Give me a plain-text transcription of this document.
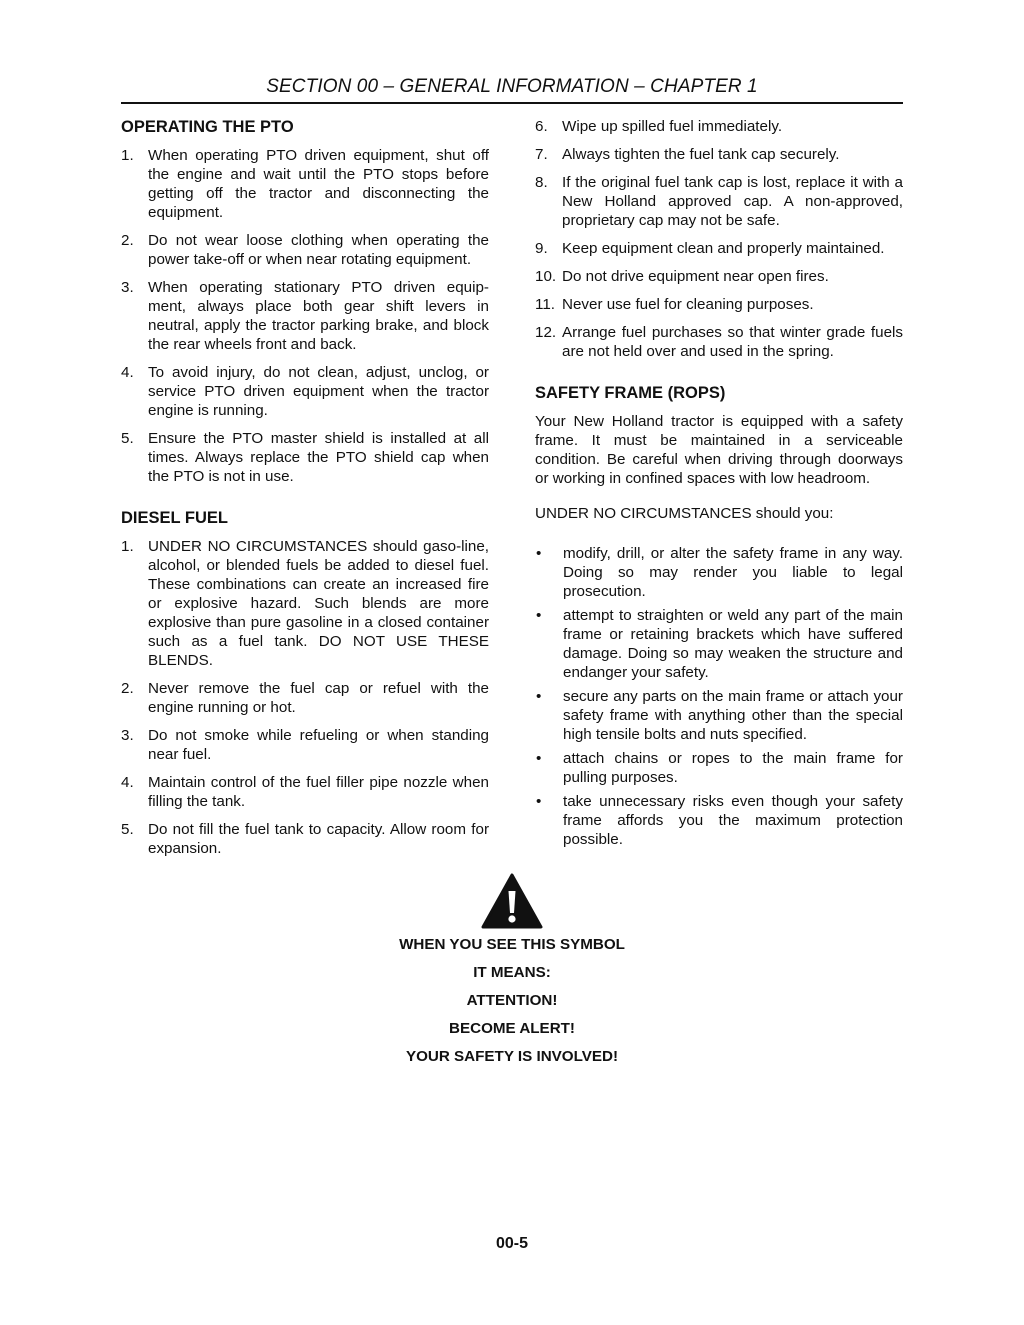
SECTION 00 – GENERAL INFORMATION – CHAPTER 1
OPERATING THE PTO
1. When operating PTO driven equipment, shut off the engine and wait until the PTO stops before getting off the tractor and disconnecting the equipment.
2. Do not wear loose clothing when operating the power take-off or when near rotating equipment.
3. When operating stationary PTO driven equip-ment, always place both gear shift levers in neutral, apply the tractor parking brake, and block the rear wheels front and back.
4. To avoid injury, do not clean, adjust, unclog, or service PTO driven equipment when the tractor engine is running.
5. Ensure the PTO master shield is installed at all times. Always replace the PTO shield cap when the PTO is not in use.
DIESEL FUEL
1. UNDER NO CIRCUMSTANCES should gaso-line, alcohol, or blended fuels be added to diesel fuel. These combinations can create an increased fire or explosive hazard. Such blends are more explosive than pure gasoline in a closed container such as a fuel tank. DO NOT USE THESE BLENDS.
2. Never remove the fuel cap or refuel with the engine running or hot.
3. Do not smoke while refueling or when standing near fuel.
4. Maintain control of the fuel filler pipe nozzle when filling the tank.
5. Do not fill the fuel tank to capacity. Allow room for expansion.
6. Wipe up spilled fuel immediately.
7. Always tighten the fuel tank cap securely.
8. If the original fuel tank cap is lost, replace it with a New Holland approved cap. A non-approved, proprietary cap may not be safe.
9. Keep equipment clean and properly maintained.
10. Do not drive equipment near open fires.
11. Never use fuel for cleaning purposes.
12. Arrange fuel purchases so that winter grade fuels are not held over and used in the spring.
SAFETY FRAME (ROPS)

Your New Holland tractor is equipped with a safety frame. It must be maintained in a serviceable condition. Be careful when driving through doorways or working in confined spaces with low headroom.

UNDER NO CIRCUMSTANCES should you:

•	modify, drill, or alter the safety frame in any way. Doing so may render you liable to legal prosecution.
•	attempt to straighten or weld any part of the main frame or retaining brackets which have suffered damage. Doing so may weaken the structure and endanger your safety.
•	secure any parts on the main frame or attach your safety frame with anything other than the special high tensile bolts and nuts specified.
•	attach chains or ropes to the main frame for pulling purposes.
•	take unnecessary risks even though your safety frame affords you the maximum protection possible.
WHEN YOU SEE THIS SYMBOL
IT MEANS:
ATTENTION!
BECOME ALERT!
YOUR SAFETY IS INVOLVED!
00-5
